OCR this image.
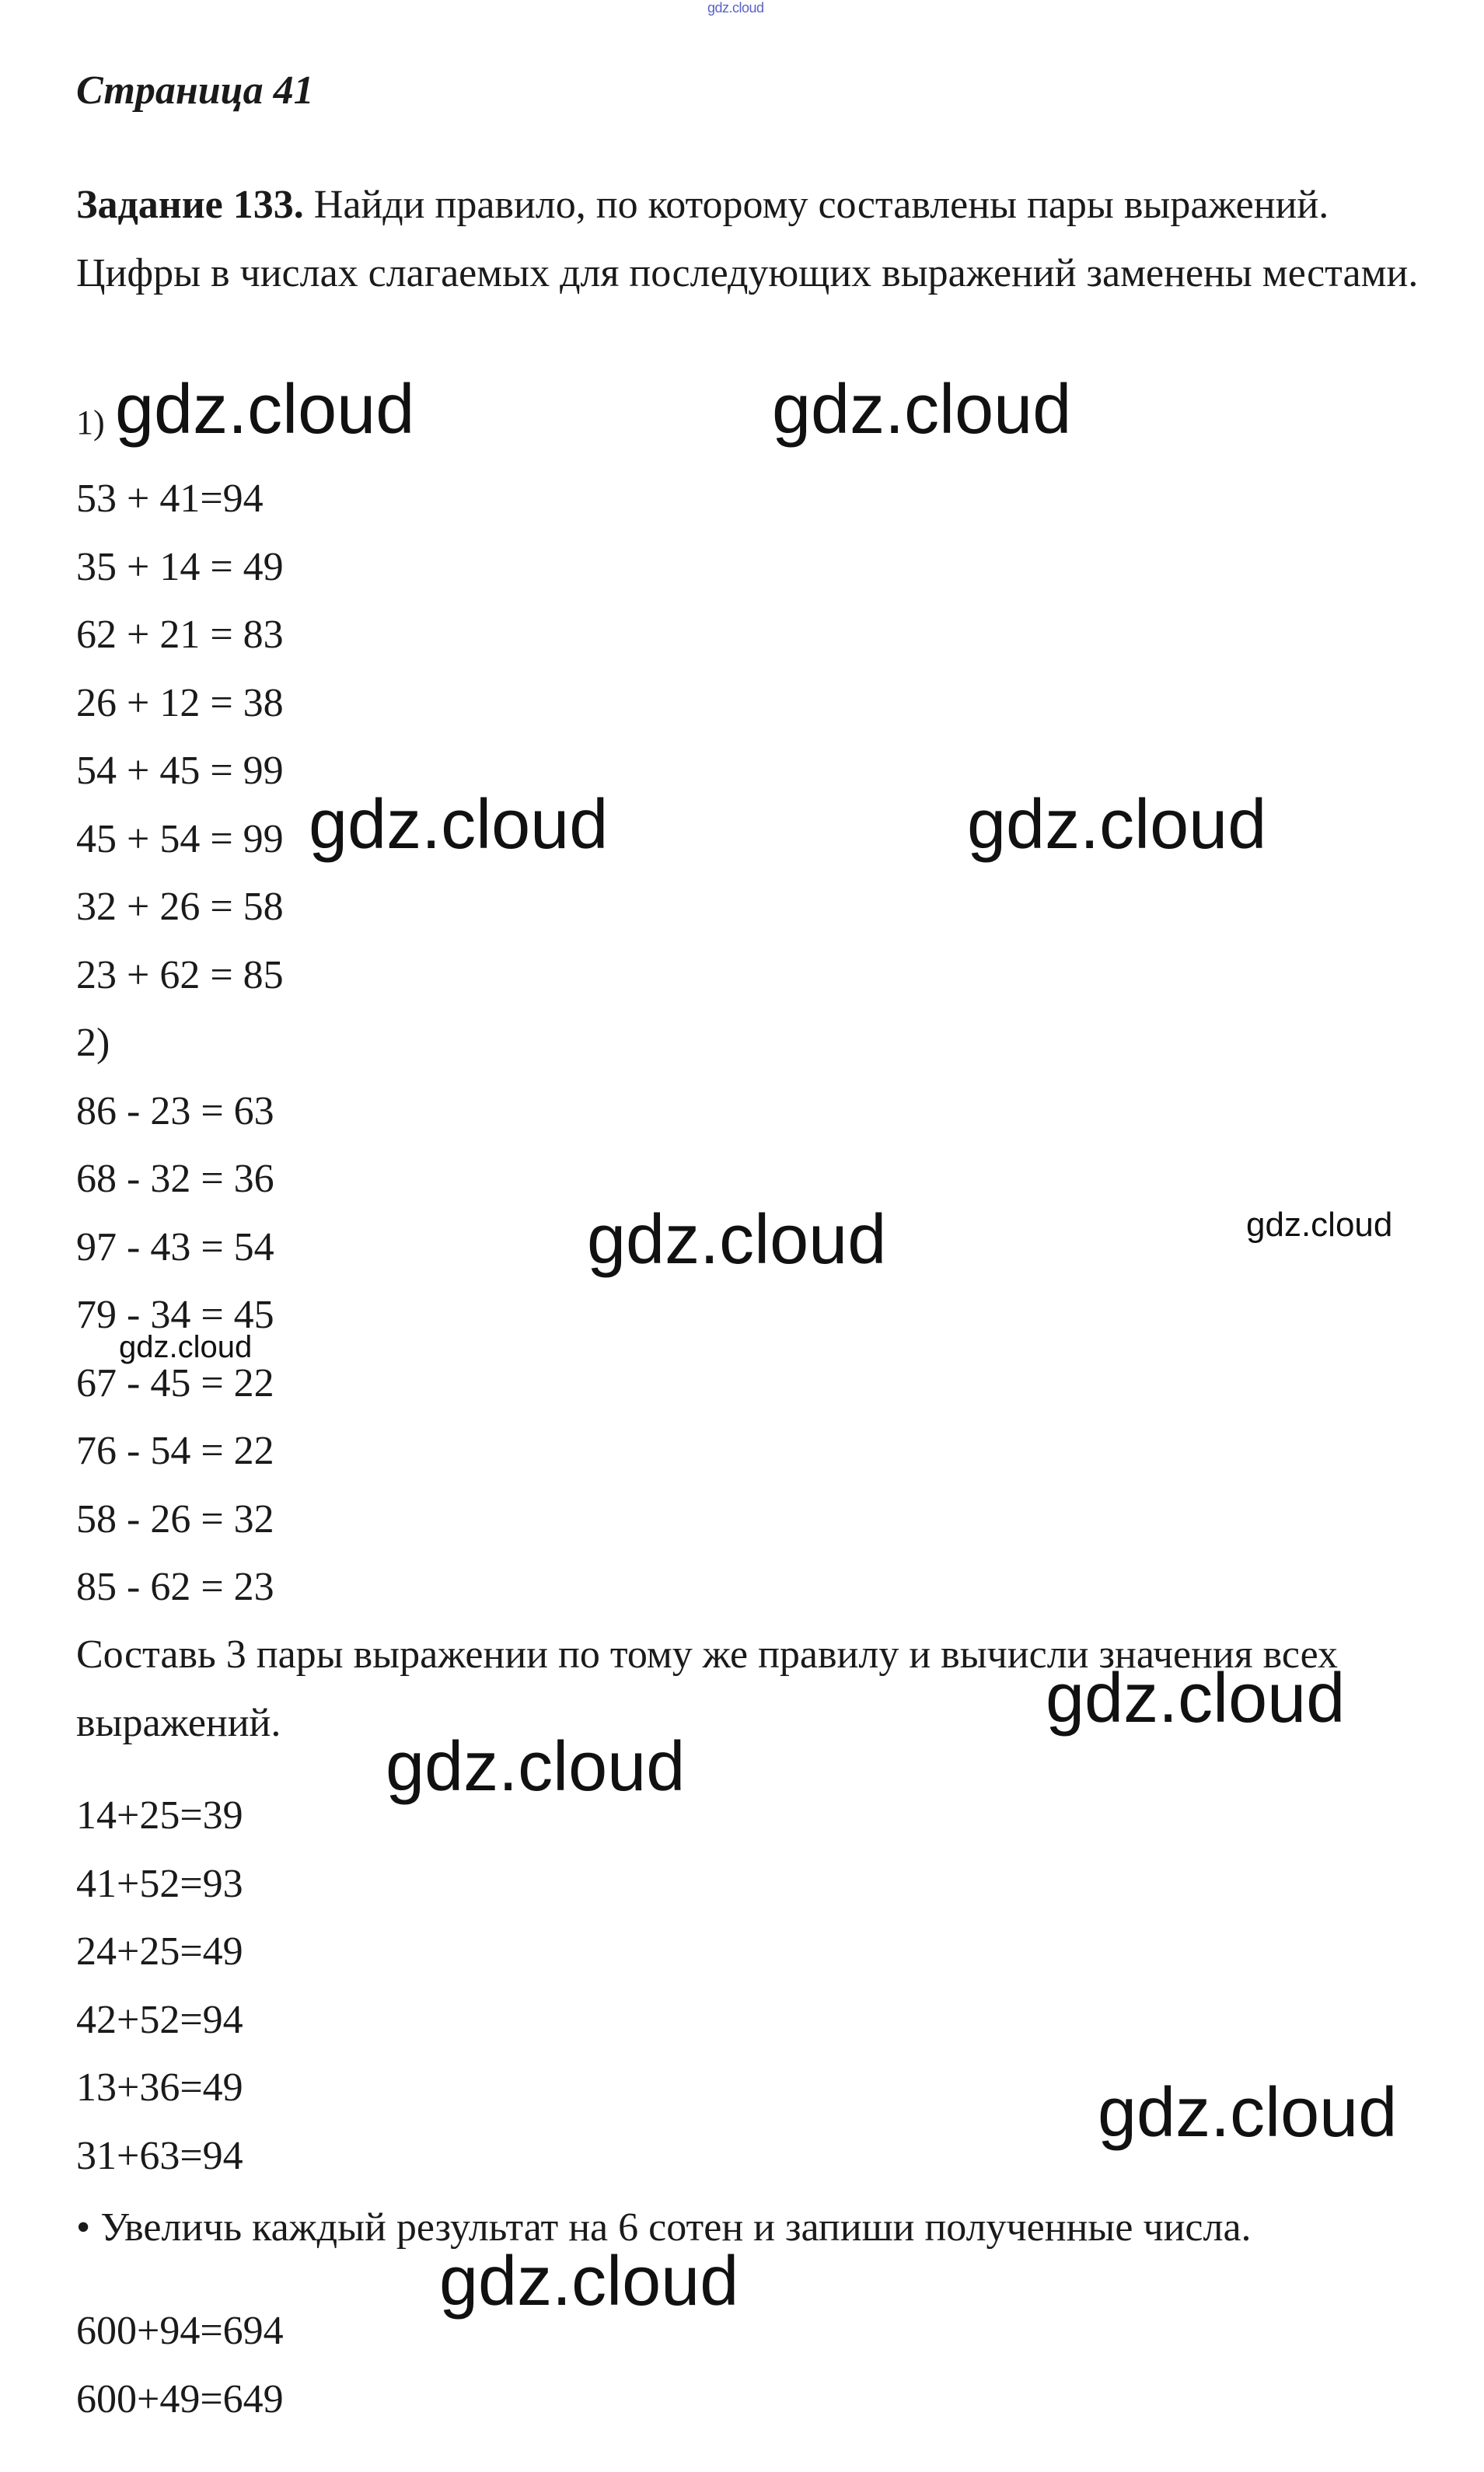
gdz.cloud
Страница 41
Задание 133. Найди правило, по которому составлены пары выражений. Цифры в числах слагаемых для последующих выражений заменены местами.
1)
53 + 41=94
35 + 14 = 49
62 + 21 = 83
26 + 12 = 38
54 + 45 = 99
45 + 54 = 99
32 + 26 = 58
23 + 62 = 85
2)
86 - 23 = 63
68 - 32 = 36
97 - 43 = 54
79 - 34 = 45
67 - 45 = 22
76 - 54 = 22
58 - 26 = 32
85 - 62 = 23
Составь 3 пары выражении по тому же правилу и вычисли значения всех выражений.
14+25=39
41+52=93
24+25=49
42+52=94
13+36=49
31+63=94
• Увеличь каждый результат на 6 сотен и запиши полученные числа.
600+94=694
600+49=649
gdz.cloud	gdz.cloud
gdz.cloud	gdz.cloud
gdz.cloud	gdz.cloud
gdz.cloud
gdz.cloud
gdz.cloud
gdz.cloud
gdz.cloud
